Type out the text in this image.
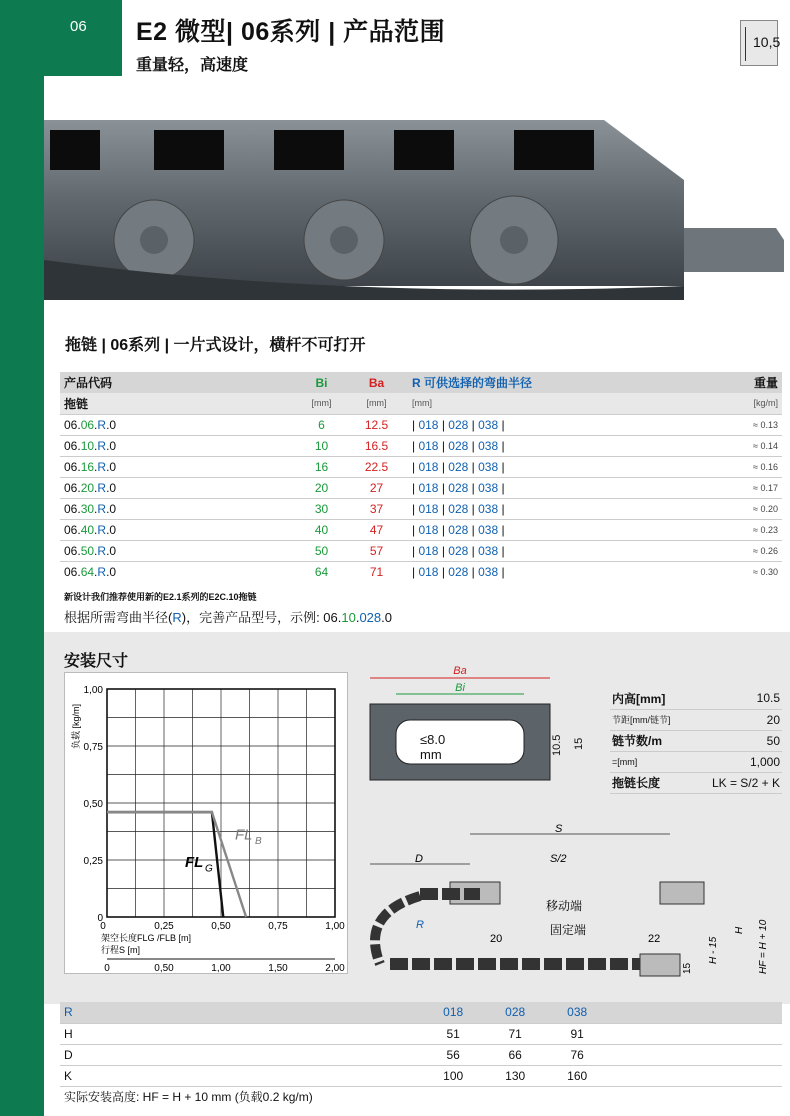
06	E2 微型| 06系列 | 产品范围
重量轻，高速度
10,5
拖链 | 06系列 | 一片式设计，横杆不可打开
产品代码	Bi	Ba	R 可供选择的弯曲半径	重量
拖链	[mm]	[mm]	[mm]	[kg/m]
06.06.R.0	6	12.5	| 018 | 028 | 038 |	≈ 0.13
06.10.R.0	10	16.5	| 018 | 028 | 038 |	≈ 0.14
06.16.R.0	16	22.5	| 018 | 028 | 038 |	≈ 0.16
06.20.R.0	20	27	| 018 | 028 | 038 |	≈ 0.17
06.30.R.0	30	37	| 018 | 028 | 038 |	≈ 0.20
06.40.R.0	40	47	| 018 | 028 | 038 |	≈ 0.23
06.50.R.0	50	57	| 018 | 028 | 038 |	≈ 0.26
06.64.R.0	64	71	| 018 | 028 | 038 |	≈ 0.30
新设计我们推荐使用新的E2.1系列的E2C.10拖链
根据所需弯曲半径(R)，完善产品型号，示例: 06.10.028.0
安装尺寸
0
0,25
0,50
0,75
1,00
0	0,25	0,50	0,75	1,00
0	0,50	1,00	1,50	2,00
负载 [kg/m]
架空长度FLG /FLB [m]
行程S [m]
FL G
FL B
Ba
Bi
≤8.0
mm	10.5 15
内高[mm]	10.5
节距[mm/链节]	20
链节数/m	50
=[mm]	1,000
拖链长度	LK = S/2 + K
S
D	S/2
移动端
固定端
R
20	22
15
H - 15
H HF = H + 10
R	018	028	038	
H	51	71	91	
D	56	66	76	
K	100	130	160	
实际安装高度: HF = H + 10 mm (负载0.2 kg/m)
